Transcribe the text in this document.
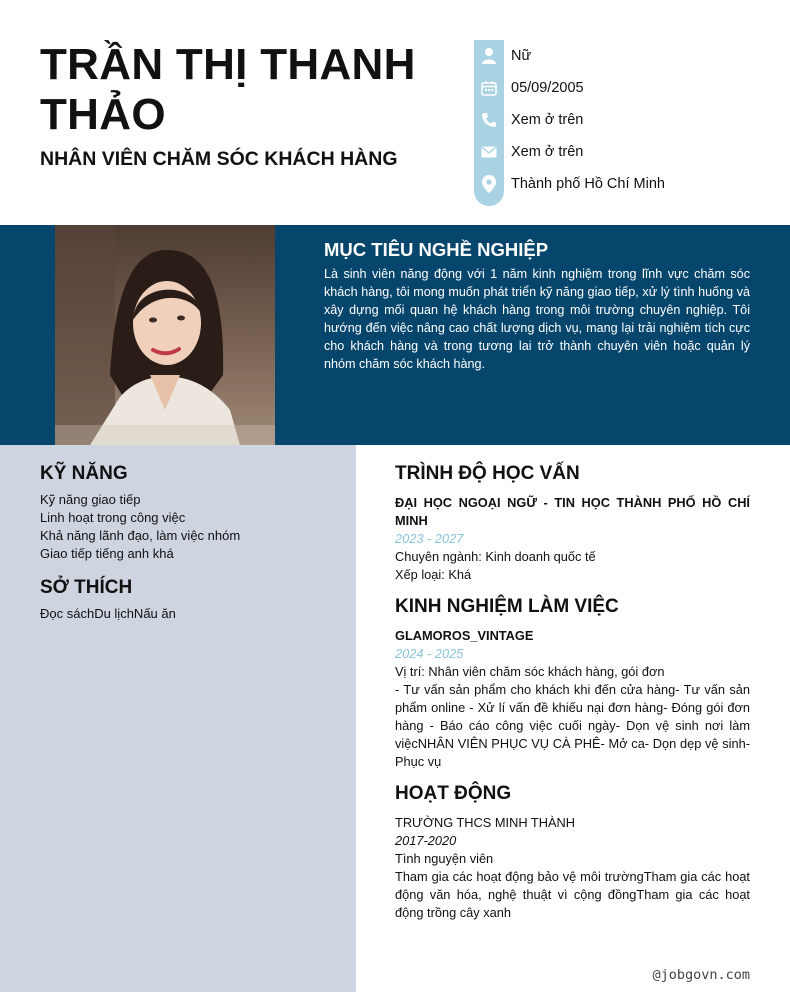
TRẦN THỊ THANH THẢO
NHÂN VIÊN CHĂM SÓC KHÁCH HÀNG
Nữ
05/09/2005
Xem ở trên
Xem ở trên
Thành phố Hồ Chí Minh
MỤC TIÊU NGHỀ NGHIỆP
Là sinh viên năng động với 1 năm kinh nghiệm trong lĩnh vực chăm sóc khách hàng, tôi mong muốn phát triển kỹ năng giao tiếp, xử lý tình huống và xây dựng mối quan hệ khách hàng trong môi trường chuyên nghiệp. Tôi hướng đến việc nâng cao chất lượng dịch vụ, mang lại trải nghiệm tích cực cho khách hàng và trong tương lai trở thành chuyên viên hoặc quản lý nhóm chăm sóc khách hàng.
KỸ NĂNG
Kỹ năng giao tiếp
Linh hoạt trong công việc
Khả năng lãnh đạo, làm việc nhóm
Giao tiếp tiếng anh khá
SỞ THÍCH
Đọc sáchDu lịchNấu ăn
TRÌNH ĐỘ HỌC VẤN
ĐẠI HỌC NGOẠI NGỮ - TIN HỌC THÀNH PHỐ HỒ CHÍ MINH
2023 - 2027
Chuyên ngành: Kinh doanh quốc tế
Xếp loại: Khá
KINH NGHIỆM LÀM VIỆC
GLAMOROS_VINTAGE
2024 - 2025
Vị trí: Nhân viên chăm sóc khách hàng, gói đơn
- Tư vấn sản phẩm cho khách khi đến cửa hàng- Tư vấn sản phẩm online - Xử lí vấn đề khiếu nại đơn hàng- Đóng gói đơn hàng - Báo cáo công việc cuối ngày- Dọn vệ sinh nơi làm việcNHÂN VIÊN PHỤC VỤ CÀ PHÊ- Mở ca- Dọn dẹp vệ sinh- Phục vụ
HOẠT ĐỘNG
TRƯỜNG THCS MINH THÀNH
2017-2020
Tình nguyện viên
Tham gia các hoạt động bảo vệ môi trườngTham gia các hoạt động văn hóa, nghệ thuật vì cộng đồngTham gia các hoạt động trồng cây xanh
@jobgovn.com
